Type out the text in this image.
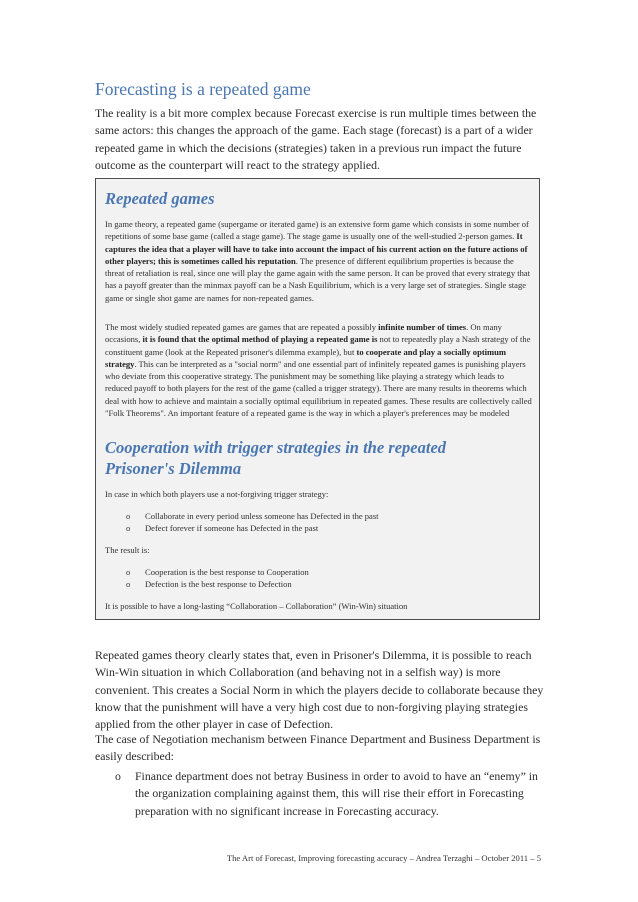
Forecasting is a repeated game

The reality is a bit more complex because Forecast exercise is run multiple times between the same actors: this changes the approach of the game. Each stage (forecast) is a part of a wider repeated game in which the decisions (strategies) taken in a previous run impact the future outcome as the counterpart will react to the strategy applied.

Repeated games

In game theory, a repeated game (supergame or iterated game) is an extensive form game which consists in some number of repetitions of some base game (called a stage game). The stage game is usually one of the well-studied 2-person games. It captures the idea that a player will have to take into account the impact of his current action on the future actions of other players; this is sometimes called his reputation. The presence of different equilibrium properties is because the threat of retaliation is real, since one will play the game again with the same person. It can be proved that every strategy that has a payoff greater than the minmax payoff can be a Nash Equilibrium, which is a very large set of strategies. Single stage game or single shot game are names for non-repeated games.

The most widely studied repeated games are games that are repeated a possibly infinite number of times. On many occasions, it is found that the optimal method of playing a repeated game is not to repeatedly play a Nash strategy of the constituent game (look at the Repeated prisoner's dilemma example), but to cooperate and play a socially optimum strategy. This can be interpreted as a "social norm" and one essential part of infinitely repeated games is punishing players who deviate from this cooperative strategy. The punishment may be something like playing a strategy which leads to reduced payoff to both players for the rest of the game (called a trigger strategy). There are many results in theorems which deal with how to achieve and maintain a socially optimal equilibrium in repeated games. These results are collectively called "Folk Theorems". An important feature of a repeated game is the way in which a player's preferences may be modeled

Cooperation with trigger strategies in the repeated Prisoner's Dilemma
In case in which both players use a not-forgiving trigger strategy:
o Collaborate in every period unless someone has Defected in the past
o Defect forever if someone has Defected in the past
The result is:
o Cooperation is the best response to Cooperation
o Defection is the best response to Defection
It is possible to have a long-lasting “Collaboration – Collaboration” (Win-Win) situation

Repeated games theory clearly states that, even in Prisoner's Dilemma, it is possible to reach Win-Win situation in which Collaboration (and behaving not in a selfish way) is more convenient. This creates a Social Norm in which the players decide to collaborate because they know that the punishment will have a very high cost due to non-forgiving playing strategies applied from the other player in case of Defection.

The case of Negotiation mechanism between Finance Department and Business Department is easily described:

o Finance department does not betray Business in order to avoid to have an “enemy” in the organization complaining against them, this will rise their effort in Forecasting preparation with no significant increase in Forecasting accuracy.
The Art of Forecast, Improving forecasting accuracy – Andrea Terzaghi – October 2011 – 5
